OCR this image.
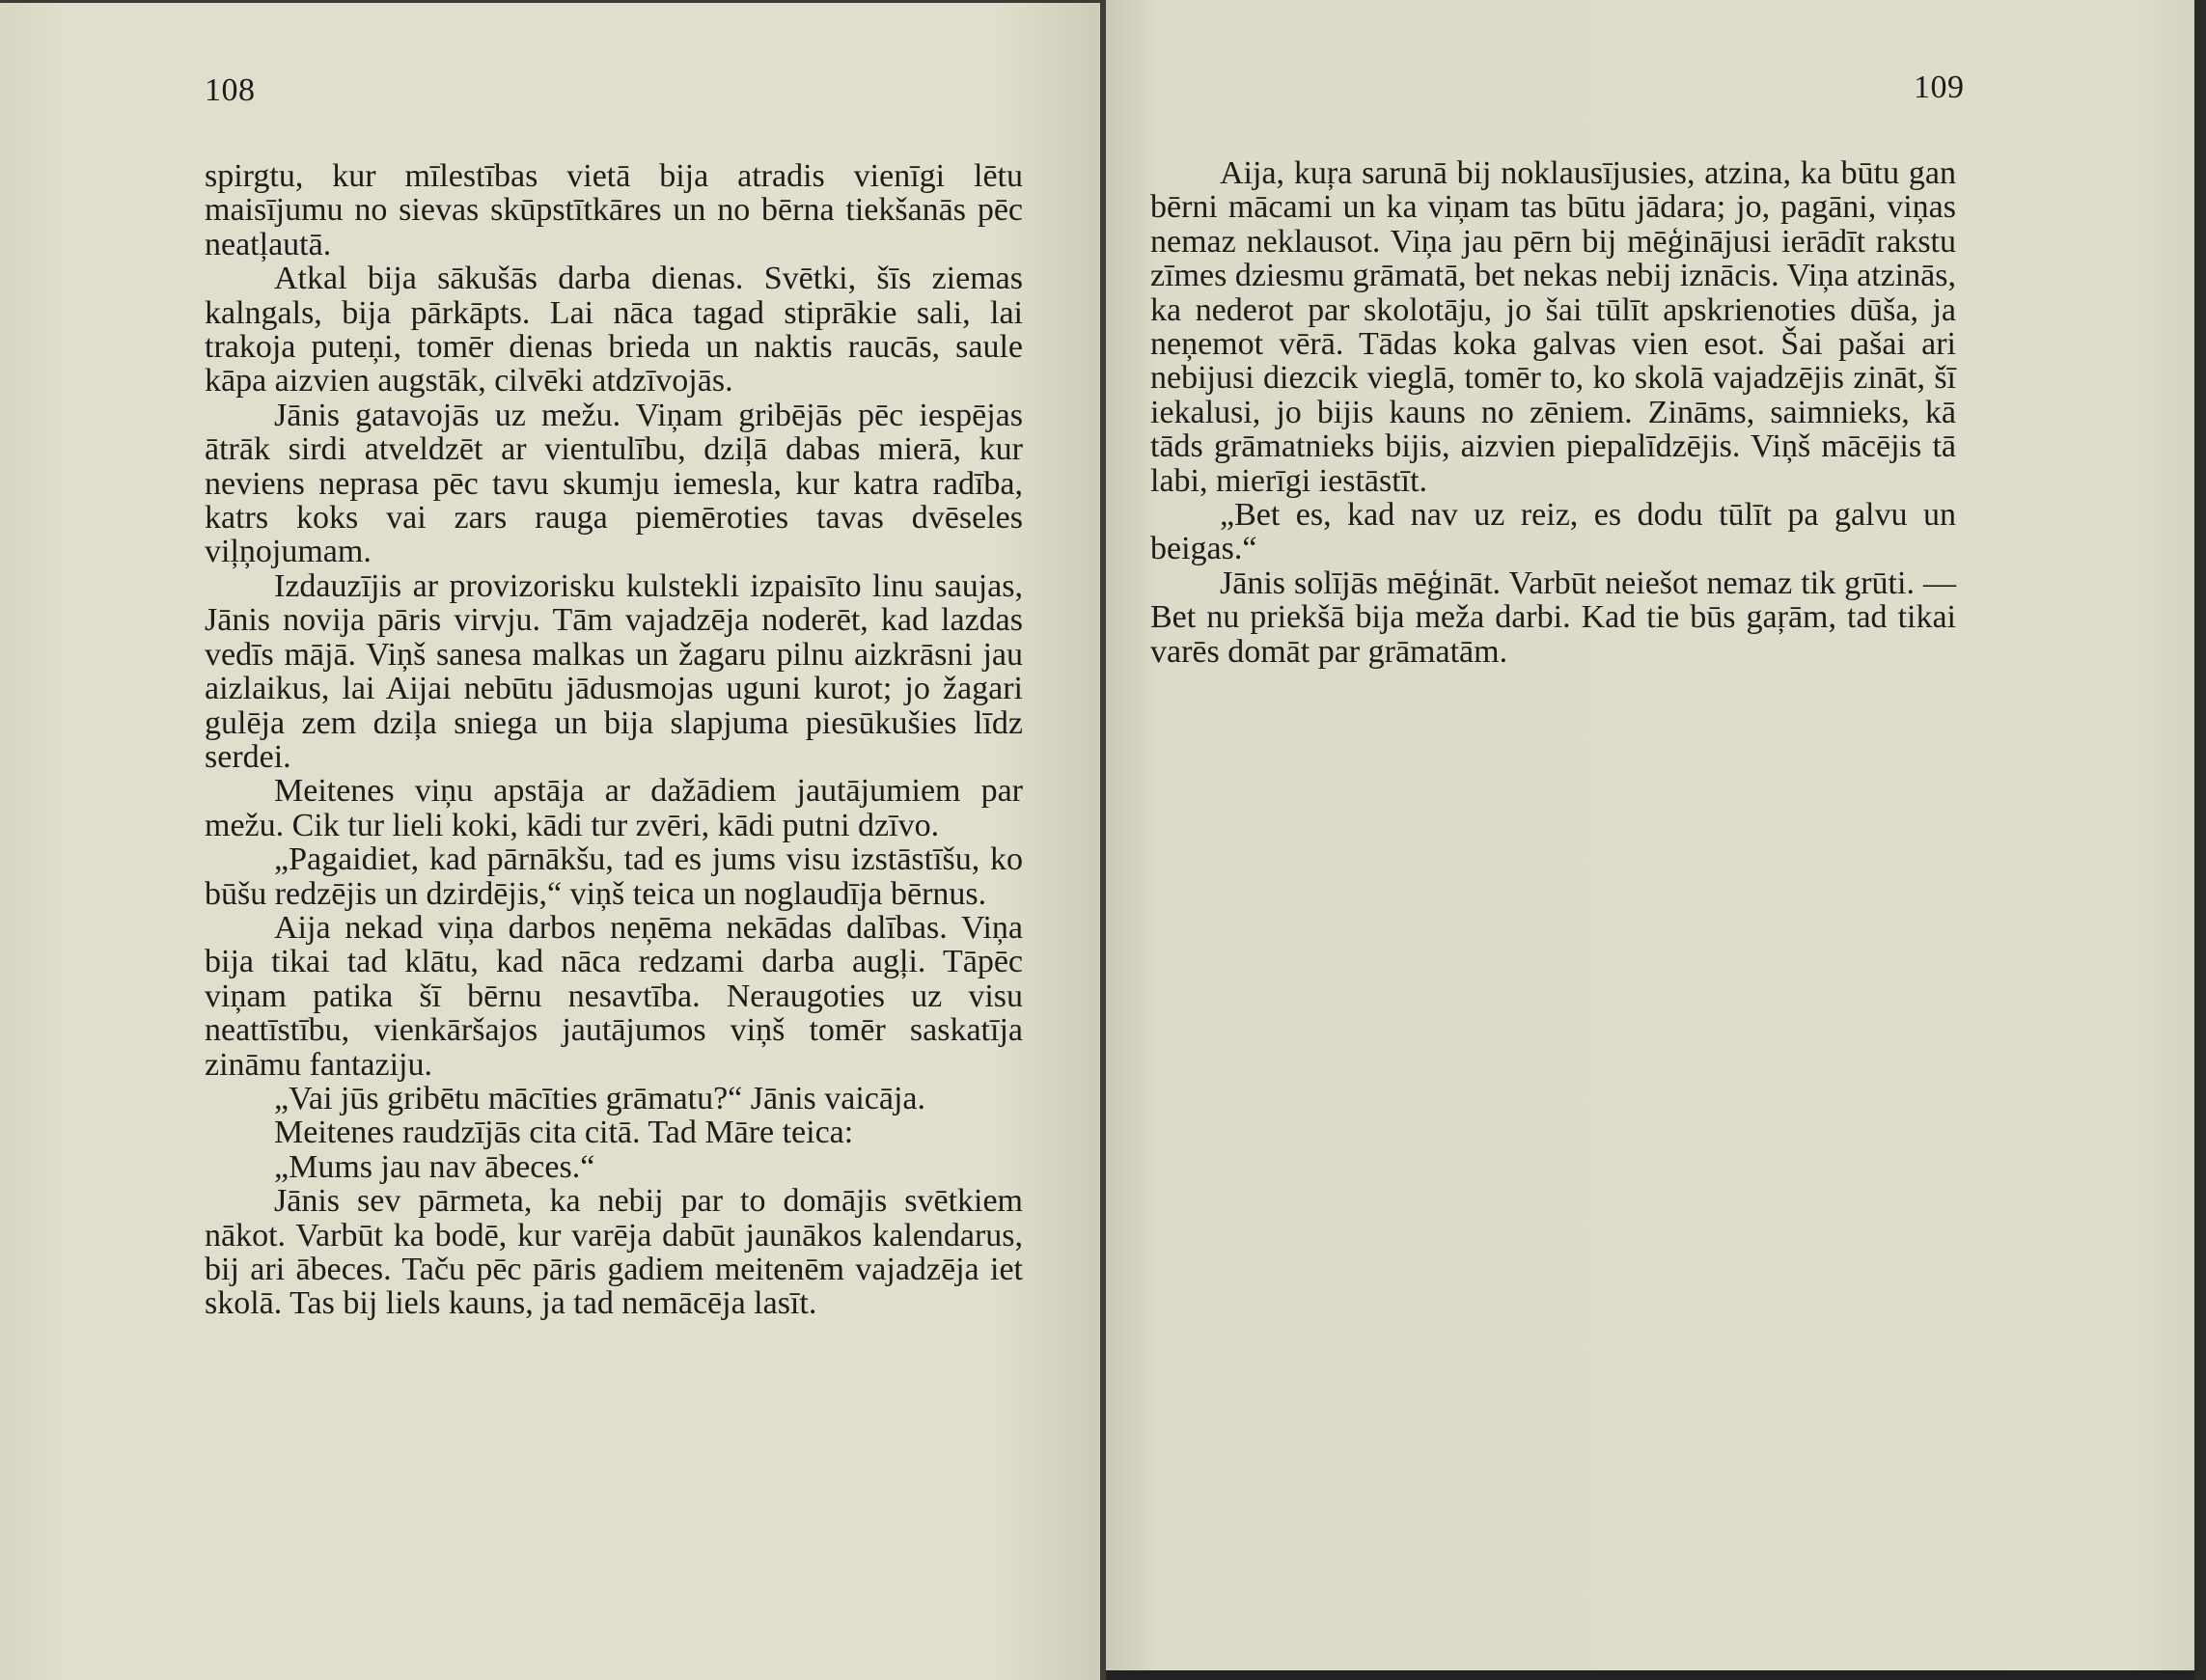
108

spirgtu, kur mīlestības vietā bija atradis vienīgi lētu maisījumu no sievas skūpstītkāres un no bērna tiekšanās pēc neatļautā.

Atkal bija sākušās darba dienas. Svētki, šīs ziemas kalngals, bija pārkāpts. Lai nāca tagad stiprākie sali, lai trakoja puteņi, tomēr dienas brieda un naktis raucās, saule kāpa aizvien augstāk, cilvēki atdzīvojās.

Jānis gatavojās uz mežu. Viņam gribējās pēc iespējas ātrāk sirdi atveldzēt ar vientulību, dziļā dabas mierā, kur neviens neprasa pēc tavu skumju iemesla, kur katra radība, katrs koks vai zars rauga piemēroties tavas dvēseles viļņojumam.

Izdauzījis ar provizorisku kulstekli izpaisīto linu saujas, Jānis novija pāris virvju. Tām vajadzēja noderēt, kad lazdas vedīs mājā. Viņš sanesa malkas un žagaru pilnu aizkrāsni jau aizlaikus, lai Aijai nebūtu jādusmojas uguni kurot; jo žagari gulēja zem dziļa sniega un bija slapjuma piesūkušies līdz serdei.

Meitenes viņu apstāja ar dažādiem jautājumiem par mežu. Cik tur lieli koki, kādi tur zvēri, kādi putni dzīvo.

„Pagaidiet, kad pārnākšu, tad es jums visu izstāstīšu, ko būšu redzējis un dzirdējis,“ viņš teica un noglaudīja bērnus.

Aija nekad viņa darbos neņēma nekādas dalības. Viņa bija tikai tad klātu, kad nāca redzami darba augļi. Tāpēc viņam patika šī bērnu nesavtība. Neraugoties uz visu neattīstību, vienkāršajos jautājumos viņš tomēr saskatīja zināmu fantaziju.

„Vai jūs gribētu mācīties grāmatu?“ Jānis vaicāja.

Meitenes raudzījās cita citā. Tad Māre teica:

„Mums jau nav ābeces.“

Jānis sev pārmeta, ka nebij par to domājis svētkiem nākot. Varbūt ka bodē, kur varēja dabūt jaunākos kalendarus, bij ari ābeces. Taču pēc pāris gadiem meitenēm vajadzēja iet skolā. Tas bij liels kauns, ja tad nemācēja lasīt.

109

Aija, kuŗa sarunā bij noklausījusies, atzina, ka būtu gan bērni mācami un ka viņam tas būtu jādara; jo, pagāni, viņas nemaz neklausot. Viņa jau pērn bij mēģinājusi ierādīt rakstu zīmes dziesmu grāmatā, bet nekas nebij iznācis. Viņa atzinās, ka nederot par skolotāju, jo šai tūlīt apskrienoties dūša, ja neņemot vērā. Tādas koka galvas vien esot. Šai pašai ari nebijusi diezcik vieglā, tomēr to, ko skolā vajadzējis zināt, šī iekalusi, jo bijis kauns no zēniem. Zināms, saimnieks, kā tāds grāmatnieks bijis, aizvien piepalīdzējis. Viņš mācējis tā labi, mierīgi iestāstīt.

„Bet es, kad nav uz reiz, es dodu tūlīt pa galvu un beigas.“

Jānis solījās mēģināt. Varbūt neiešot nemaz tik grūti. — Bet nu priekšā bija meža darbi. Kad tie būs gaŗām, tad tikai varēs domāt par grāmatām.
